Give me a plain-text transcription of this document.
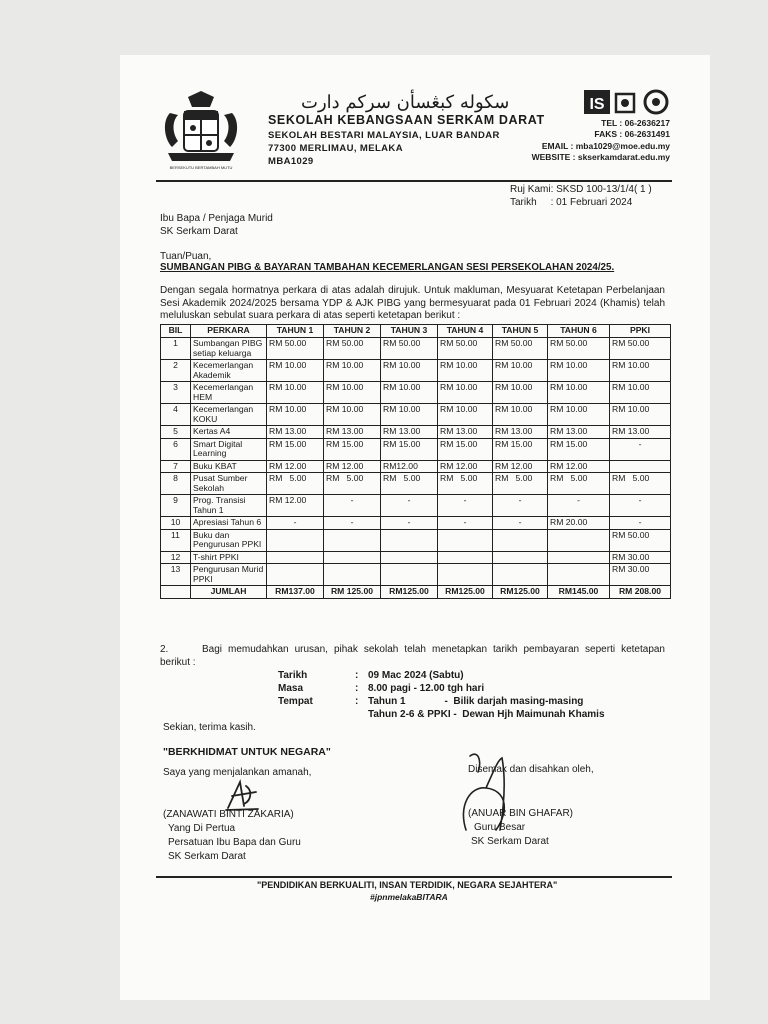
BERSEKUTU BERTAMBAH MUTU
سكوله كبڠسأن سركم دارت
SEKOLAH KEBANGSAAN SERKAM DARAT
SEKOLAH BESTARI MALAYSIA, LUAR BANDAR
77300 MERLIMAU, MELAKA
MBA1029
IS
TEL : 06-2636217
FAKS : 06-2631491
EMAIL : mba1029@moe.edu.my
WEBSITE : skserkamdarat.edu.my
Ruj Kami: SKSD 100-13/1/4( 1 )
Tarikh     : 01 Februari 2024
Ibu Bapa / Penjaga Murid
SK Serkam Darat
Tuan/Puan,
SUMBANGAN PIBG & BAYARAN TAMBAHAN KECEMERLANGAN SESI PERSEKOLAHAN 2024/25.
Dengan segala hormatnya perkara di atas adalah dirujuk. Untuk makluman, Mesyuarat Ketetapan Perbelanjaan Sesi Akademik 2024/2025 bersama YDP & AJK PIBG yang bermesyuarat pada 01 Februari 2024 (Khamis) telah meluluskan sebulat suara perkara di atas seperti ketetapan berikut :
BIL	PERKARA	TAHUN 1	TAHUN 2	TAHUN 3	TAHUN 4	TAHUN 5	TAHUN 6	PPKI
1	Sumbangan PIBG setiap keluarga	RM 50.00	RM 50.00	RM 50.00	RM 50.00	RM 50.00	RM 50.00	RM 50.00
2	Kecemerlangan Akademik	RM 10.00	RM 10.00	RM 10.00	RM 10.00	RM 10.00	RM 10.00	RM 10.00
3	Kecemerlangan HEM	RM 10.00	RM 10.00	RM 10.00	RM 10.00	RM 10.00	RM 10.00	RM 10.00
4	Kecemerlangan KOKU	RM 10.00	RM 10.00	RM 10.00	RM 10.00	RM 10.00	RM 10.00	RM 10.00
5	Kertas A4	RM 13.00	RM 13.00	RM 13.00	RM 13.00	RM 13.00	RM 13.00	RM 13.00
6	Smart Digital Learning	RM 15.00	RM 15.00	RM 15.00	RM 15.00	RM 15.00	RM 15.00	-
7	Buku KBAT	RM 12.00	RM 12.00	RM12.00	RM 12.00	RM 12.00	RM 12.00	
8	Pusat Sumber Sekolah	RM   5.00	RM   5.00	RM   5.00	RM   5.00	RM   5.00	RM   5.00	RM   5.00
9	Prog. Transisi Tahun 1	RM 12.00	-	-	-	-	-	-
10	Apresiasi Tahun 6	-	-	-	-	-	RM 20.00	-
11	Buku dan Pengurusan PPKI							RM 50.00
12	T-shirt PPKI							RM 30.00
13	Pengurusan Murid PPKI							RM 30.00
	JUMLAH	RM137.00	RM 125.00	RM125.00	RM125.00	RM125.00	RM145.00	RM 208.00
2.	Bagi memudahkan urusan, pihak sekolah telah menetapkan tarikh pembayaran seperti ketetapan berikut :
Tarikh	: 09 Mac 2024 (Sabtu)
Masa	: 8.00 pagi - 12.00 tgh hari
Tempat	: Tahun 1              -  Bilik darjah masing-masing
Tahun 2-6 & PPKI -  Dewan Hjh Maimunah Khamis
Sekian, terima kasih.
"BERKHIDMAT UNTUK NEGARA"
Saya yang menjalankan amanah,
(ZANAWATI BINTI ZAKARIA)
Yang Di Pertua
Persatuan Ibu Bapa dan Guru
SK Serkam Darat
Disemak dan disahkan oleh,
(ANUAR BIN GHAFAR)
Guru Besar
SK Serkam Darat
"PENDIDIKAN BERKUALITI, INSAN TERDIDIK, NEGARA SEJAHTERA"
#jpnmelakaBITARA
